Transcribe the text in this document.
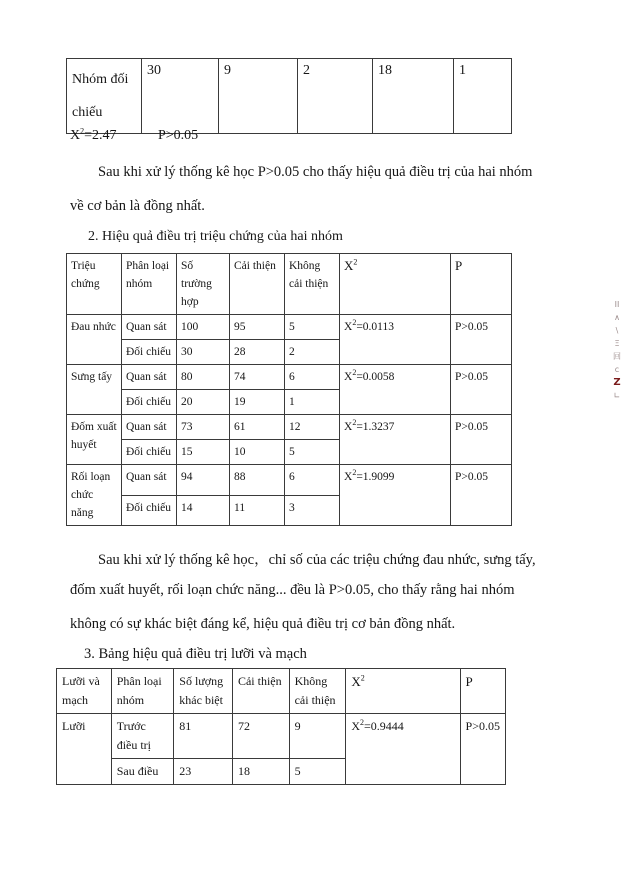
Nhóm đối chiếu	30	9	2	18	1
$X^2=2.47$	P>0.05
Sau khi xử lý thống kê học P>0.05 cho thấy hiệu quả điều trị của hai nhóm
về cơ bản là đồng nhất.
2. Hiệu quả điều trị triệu chứng của hai nhóm
Triệu chứng	Phân loại nhóm	Số trường hợp	Cải thiện	Không cải thiện	$X^2$	P
Đau nhức	Quan sát	100	95	5	$X^2=0.0113$	P>0.05
	Đối chiếu	30	28	2		
Sưng tấy	Quan sát	80	74	6	$X^2=0.0058$	P>0.05
	Đối chiếu	20	19	1		
Đốm xuất huyết	Quan sát	73	61	12	$X^2=1.3237$	P>0.05
	Đối chiếu	15	10	5		
Rối loạn chức năng	Quan sát	94	88	6	$X^2=1.9099$	P>0.05
	Đối chiếu	14	11	3		
Sau khi xử lý thống kê học，chỉ số của các triệu chứng đau nhức, sưng tấy,
đốm xuất huyết, rối loạn chức năng... đều là P>0.05, cho thấy rằng hai nhóm
không có sự khác biệt đáng kể, hiệu quả điều trị cơ bản đồng nhất.
3. Bảng hiệu quả điều trị lưỡi và mạch
Lưỡi và mạch	Phân loại nhóm	Số lượng khác biệt	Cải thiện	Không cải thiện	$X^2$	P
Lưỡi	Trước điều trị	81	72	9	$X^2=0.9444$	P>0.05
	Sau điều	23	18	5		
II
∧
\
Ξ
回
ⅽ
Ζ
∟
